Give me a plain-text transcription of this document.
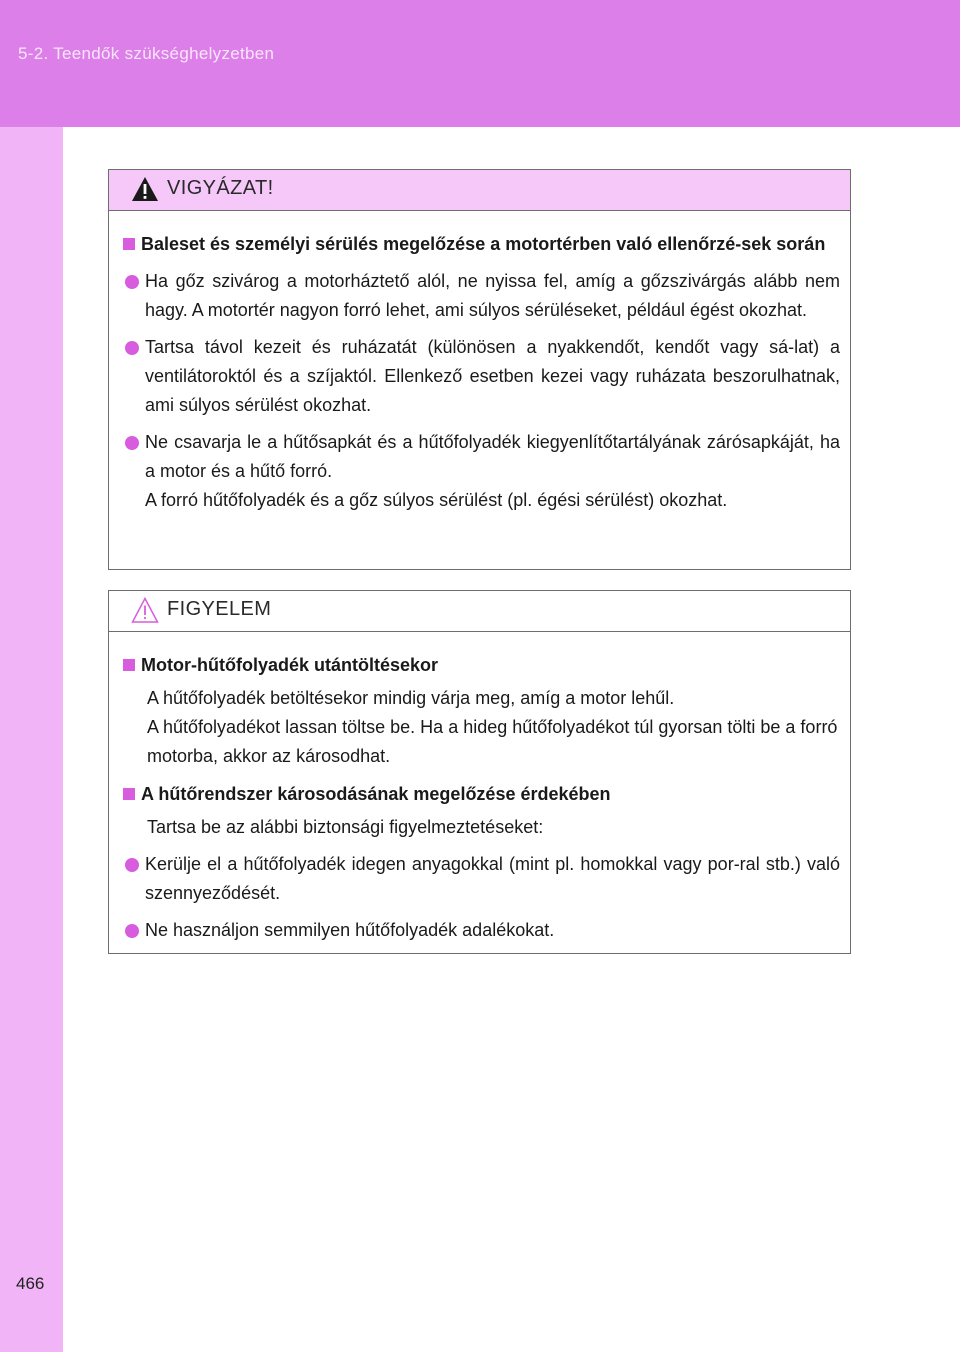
5-2. Teendők szükséghelyzetben
466
VIGYÁZAT!
Baleset és személyi sérülés megelőzése a motortérben való ellenőrzé-sek során
Ha gőz szivárog a motorháztető alól, ne nyissa fel, amíg a gőzszivárgás alább nem hagy. A motortér nagyon forró lehet, ami súlyos sérüléseket, például égést okozhat.
Tartsa távol kezeit és ruházatát (különösen a nyakkendőt, kendőt vagy sá-lat) a ventilátoroktól és a szíjaktól. Ellenkező esetben kezei vagy ruházata beszorulhatnak, ami súlyos sérülést okozhat.
Ne csavarja le a hűtősapkát és a hűtőfolyadék kiegyenlítőtartályának zárósapkáját, ha a motor és a hűtő forró.
A forró hűtőfolyadék és a gőz súlyos sérülést (pl. égési sérülést) okozhat.
FIGYELEM
Motor-hűtőfolyadék utántöltésekor
A hűtőfolyadék betöltésekor mindig várja meg, amíg a motor lehűl.
A hűtőfolyadékot lassan töltse be. Ha a hideg hűtőfolyadékot túl gyorsan tölti be a forró motorba, akkor az károsodhat.
A hűtőrendszer károsodásának megelőzése érdekében
Tartsa be az alábbi biztonsági figyelmeztetéseket:
Kerülje el a hűtőfolyadék idegen anyagokkal (mint pl. homokkal vagy por-ral stb.) való szennyeződését.
Ne használjon semmilyen hűtőfolyadék adalékokat.
